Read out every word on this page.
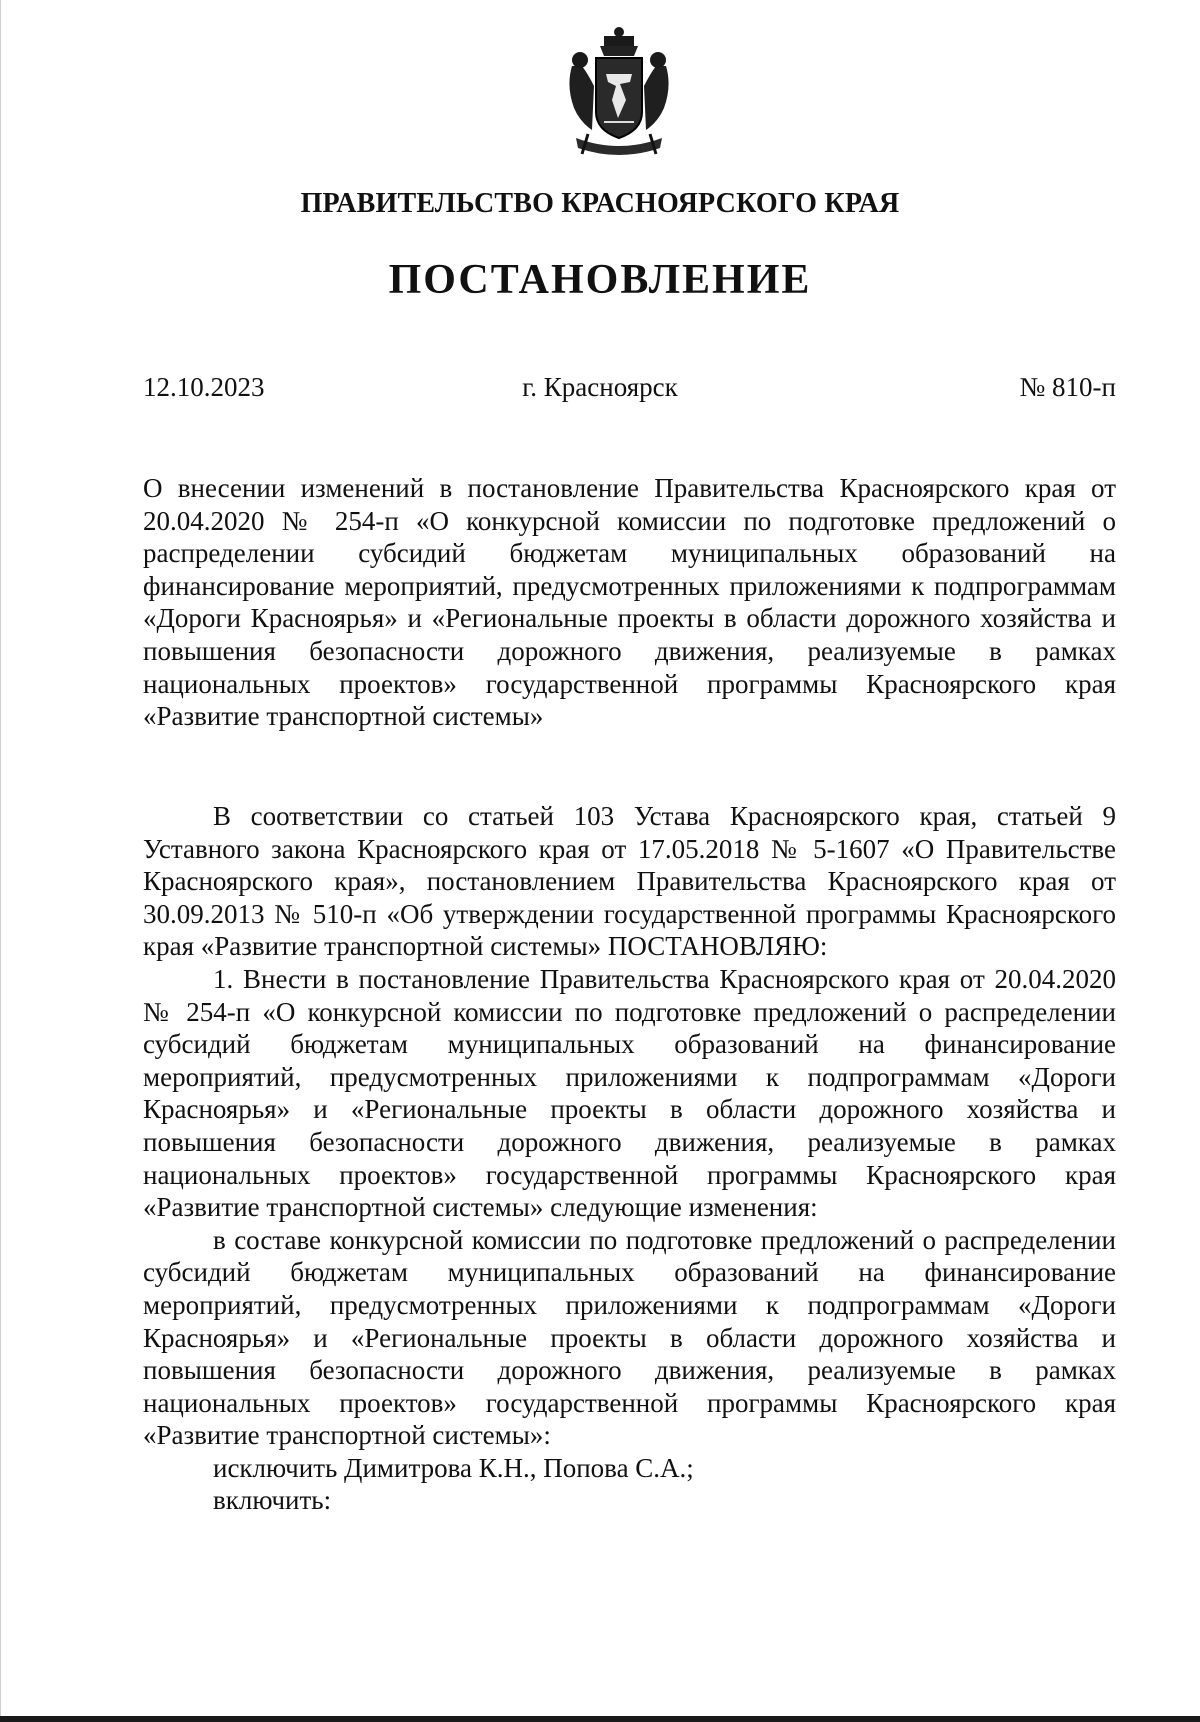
ПРАВИТЕЛЬСТВО КРАСНОЯРСКОГО КРАЯ
ПОСТАНОВЛЕНИЕ
12.10.2023	г. Красноярск	№ 810-п

О внесении изменений в постановление Правительства Красноярского края от 20.04.2020 № 254-п «О конкурсной комиссии по подготовке предложений о распределении субсидий бюджетам муниципальных образований на финансирование мероприятий, предусмотренных приложениями к подпрограммам «Дороги Красноярья» и «Региональные проекты в области дорожного хозяйства и повышения безопасности дорожного движения, реализуемые в рамках национальных проектов» государственной программы Красноярского края «Развитие транспортной системы»

В соответствии со статьей 103 Устава Красноярского края, статьей 9 Уставного закона Красноярского края от 17.05.2018 № 5-1607 «О Правительстве Красноярского края», постановлением Правительства Красноярского края от 30.09.2013 № 510-п «Об утверждении государственной программы Красноярского края «Развитие транспортной системы» ПОСТАНОВЛЯЮ:

1. Внести в постановление Правительства Красноярского края от 20.04.2020 № 254-п «О конкурсной комиссии по подготовке предложений о распределении субсидий бюджетам муниципальных образований на финансирование мероприятий, предусмотренных приложениями к подпрограммам «Дороги Красноярья» и «Региональные проекты в области дорожного хозяйства и повышения безопасности дорожного движения, реализуемые в рамках национальных проектов» государственной программы Красноярского края «Развитие транспортной системы» следующие изменения:

в составе конкурсной комиссии по подготовке предложений о распределении субсидий бюджетам муниципальных образований на финансирование мероприятий, предусмотренных приложениями к подпрограммам «Дороги Красноярья» и «Региональные проекты в области дорожного хозяйства и повышения безопасности дорожного движения, реализуемые в рамках национальных проектов» государственной программы Красноярского края «Развитие транспортной системы»:

исключить Димитрова К.Н., Попова С.А.;

включить:
